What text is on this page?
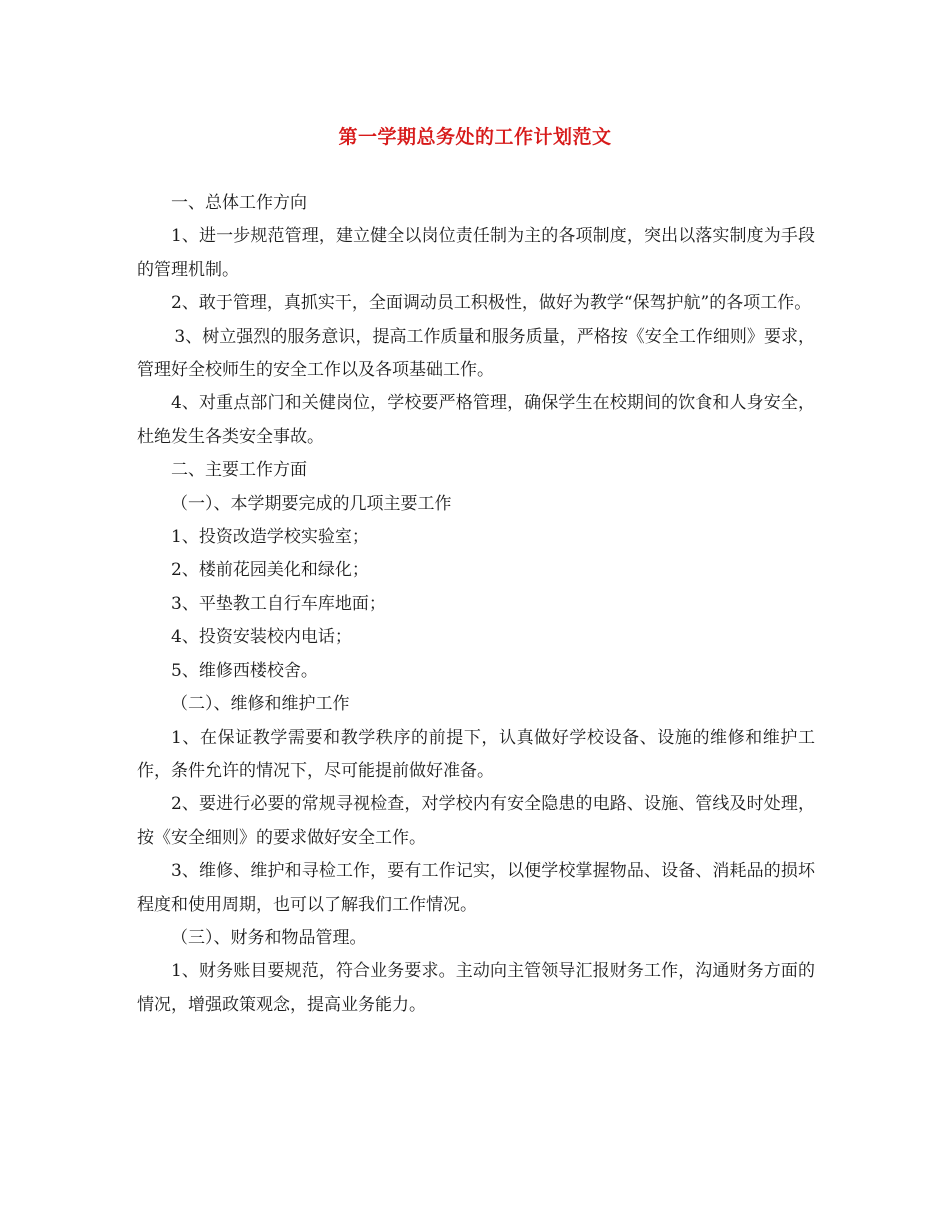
第一学期总务处的工作计划范文

一、总体工作方向

1、进一步规范管理，建立健全以岗位责任制为主的各项制度，突出以落实制度为手段的管理机制。

2、敢于管理，真抓实干，全面调动员工积极性，做好为教学“保驾护航”的各项工作。

3、树立强烈的服务意识，提高工作质量和服务质量，严格按《安全工作细则》要求，管理好全校师生的安全工作以及各项基础工作。

4、对重点部门和关健岗位，学校要严格管理，确保学生在校期间的饮食和人身安全，杜绝发生各类安全事故。

二、主要工作方面

（一）、本学期要完成的几项主要工作

1、投资改造学校实验室；

2、楼前花园美化和绿化；

3、平垫教工自行车库地面；

4、投资安装校内电话；

5、维修西楼校舍。

（二）、维修和维护工作

1、在保证教学需要和教学秩序的前提下，认真做好学校设备、设施的维修和维护工作，条件允许的情况下，尽可能提前做好准备。

2、要进行必要的常规寻视检查，对学校内有安全隐患的电路、设施、管线及时处理，按《安全细则》的要求做好安全工作。

3、维修、维护和寻检工作，要有工作记实，以便学校掌握物品、设备、消耗品的损坏程度和使用周期，也可以了解我们工作情况。

（三）、财务和物品管理。

1、财务账目要规范，符合业务要求。主动向主管领导汇报财务工作，沟通财务方面的情况，增强政策观念，提高业务能力。
